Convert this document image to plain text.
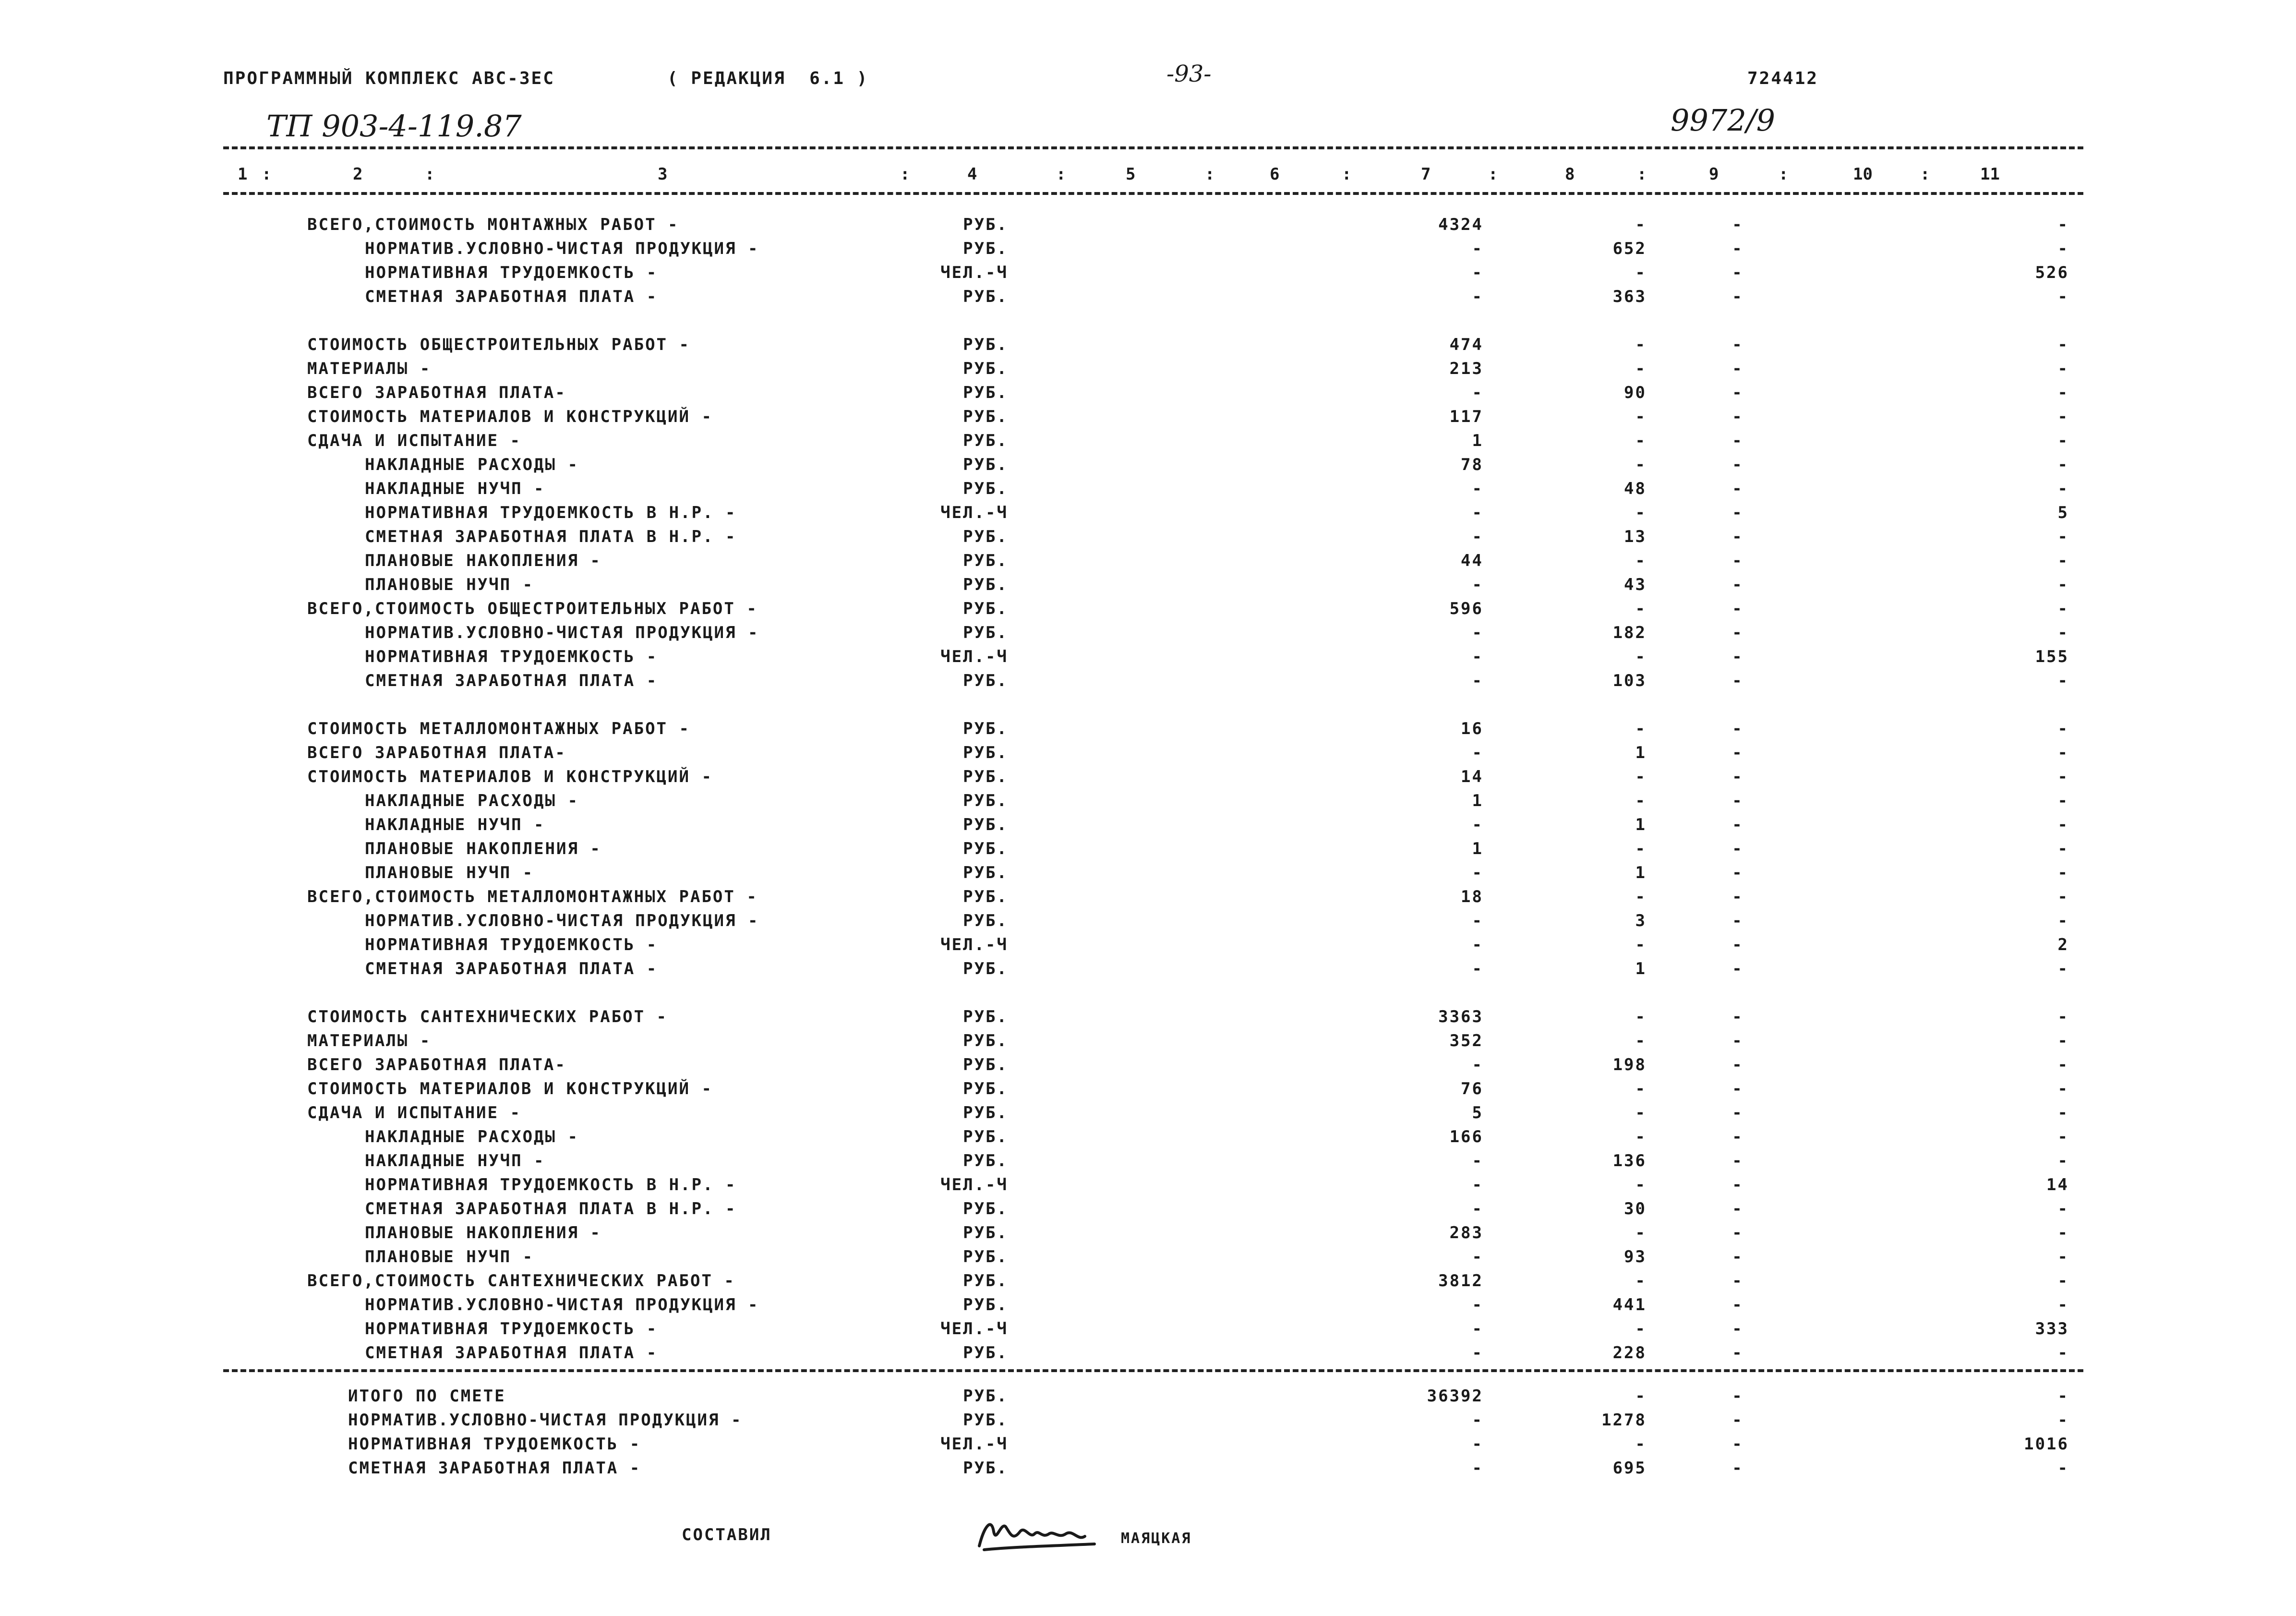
ПРОГРАММНЫЙ КОМПЛЕКС АВС-ЗЕС	( РЕДАКЦИЯ  6.1 )	-93-	724412
ТП 903-4-119.87	9972/9
1 :	2	:	3	:	4	:	5	:	6	:	7	:	8	:	9	:	10	:	11
ВСЕГО,СТОИМОСТЬ МОНТАЖНЫХ РАБОТ -	РУБ.	4324	-	-	-
НОРМАТИВ.УСЛОВНО-ЧИСТАЯ ПРОДУКЦИЯ -	РУБ.	-	652	-	-
НОРМАТИВНАЯ ТРУДОЕМКОСТЬ -	ЧЕЛ.-Ч	-	-	-	526
СМЕТНАЯ ЗАРАБОТНАЯ ПЛАТА -	РУБ.	-	363	-	-
СТОИМОСТЬ ОБЩЕСТРОИТЕЛЬНЫХ РАБОТ -	РУБ.	474	-	-	-
МАТЕРИАЛЫ -	РУБ.	213	-	-	-
ВСЕГО ЗАРАБОТНАЯ ПЛАТА-	РУБ.	-	90	-	-
СТОИМОСТЬ МАТЕРИАЛОВ И КОНСТРУКЦИЙ -	РУБ.	117	-	-	-
СДАЧА И ИСПЫТАНИЕ -	РУБ.	1	-	-	-
НАКЛАДНЫЕ РАСХОДЫ -	РУБ.	78	-	-	-
НАКЛАДНЫЕ НУЧП -	РУБ.	-	48	-	-
НОРМАТИВНАЯ ТРУДОЕМКОСТЬ В Н.Р. -	ЧЕЛ.-Ч	-	-	-	5
СМЕТНАЯ ЗАРАБОТНАЯ ПЛАТА В Н.Р. -	РУБ.	-	13	-	-
ПЛАНОВЫЕ НАКОПЛЕНИЯ -	РУБ.	44	-	-	-
ПЛАНОВЫЕ НУЧП -	РУБ.	-	43	-	-
ВСЕГО,СТОИМОСТЬ ОБЩЕСТРОИТЕЛЬНЫХ РАБОТ -	РУБ.	596	-	-	-
НОРМАТИВ.УСЛОВНО-ЧИСТАЯ ПРОДУКЦИЯ -	РУБ.	-	182	-	-
НОРМАТИВНАЯ ТРУДОЕМКОСТЬ -	ЧЕЛ.-Ч	-	-	-	155
СМЕТНАЯ ЗАРАБОТНАЯ ПЛАТА -	РУБ.	-	103	-	-
СТОИМОСТЬ МЕТАЛЛОМОНТАЖНЫХ РАБОТ -	РУБ.	16	-	-	-
ВСЕГО ЗАРАБОТНАЯ ПЛАТА-	РУБ.	-	1	-	-
СТОИМОСТЬ МАТЕРИАЛОВ И КОНСТРУКЦИЙ -	РУБ.	14	-	-	-
НАКЛАДНЫЕ РАСХОДЫ -	РУБ.	1	-	-	-
НАКЛАДНЫЕ НУЧП -	РУБ.	-	1	-	-
ПЛАНОВЫЕ НАКОПЛЕНИЯ -	РУБ.	1	-	-	-
ПЛАНОВЫЕ НУЧП -	РУБ.	-	1	-	-
ВСЕГО,СТОИМОСТЬ МЕТАЛЛОМОНТАЖНЫХ РАБОТ -	РУБ.	18	-	-	-
НОРМАТИВ.УСЛОВНО-ЧИСТАЯ ПРОДУКЦИЯ -	РУБ.	-	3	-	-
НОРМАТИВНАЯ ТРУДОЕМКОСТЬ -	ЧЕЛ.-Ч	-	-	-	2
СМЕТНАЯ ЗАРАБОТНАЯ ПЛАТА -	РУБ.	-	1	-	-
СТОИМОСТЬ САНТЕХНИЧЕСКИХ РАБОТ -	РУБ.	3363	-	-	-
МАТЕРИАЛЫ -	РУБ.	352	-	-	-
ВСЕГО ЗАРАБОТНАЯ ПЛАТА-	РУБ.	-	198	-	-
СТОИМОСТЬ МАТЕРИАЛОВ И КОНСТРУКЦИЙ -	РУБ.	76	-	-	-
СДАЧА И ИСПЫТАНИЕ -	РУБ.	5	-	-	-
НАКЛАДНЫЕ РАСХОДЫ -	РУБ.	166	-	-	-
НАКЛАДНЫЕ НУЧП -	РУБ.	-	136	-	-
НОРМАТИВНАЯ ТРУДОЕМКОСТЬ В Н.Р. -	ЧЕЛ.-Ч	-	-	-	14
СМЕТНАЯ ЗАРАБОТНАЯ ПЛАТА В Н.Р. -	РУБ.	-	30	-	-
ПЛАНОВЫЕ НАКОПЛЕНИЯ -	РУБ.	283	-	-	-
ПЛАНОВЫЕ НУЧП -	РУБ.	-	93	-	-
ВСЕГО,СТОИМОСТЬ САНТЕХНИЧЕСКИХ РАБОТ -	РУБ.	3812	-	-	-
НОРМАТИВ.УСЛОВНО-ЧИСТАЯ ПРОДУКЦИЯ -	РУБ.	-	441	-	-
НОРМАТИВНАЯ ТРУДОЕМКОСТЬ -	ЧЕЛ.-Ч	-	-	-	333
СМЕТНАЯ ЗАРАБОТНАЯ ПЛАТА -	РУБ.	-	228	-	-
ИТОГО ПО СМЕТЕ	РУБ.	36392	-	-	-
НОРМАТИВ.УСЛОВНО-ЧИСТАЯ ПРОДУКЦИЯ -	РУБ.	-	1278	-	-
НОРМАТИВНАЯ ТРУДОЕМКОСТЬ -	ЧЕЛ.-Ч	-	-	-	1016
СМЕТНАЯ ЗАРАБОТНАЯ ПЛАТА -	РУБ.	-	695	-	-
СОСТАВИЛ	МАЯЦКАЯ
